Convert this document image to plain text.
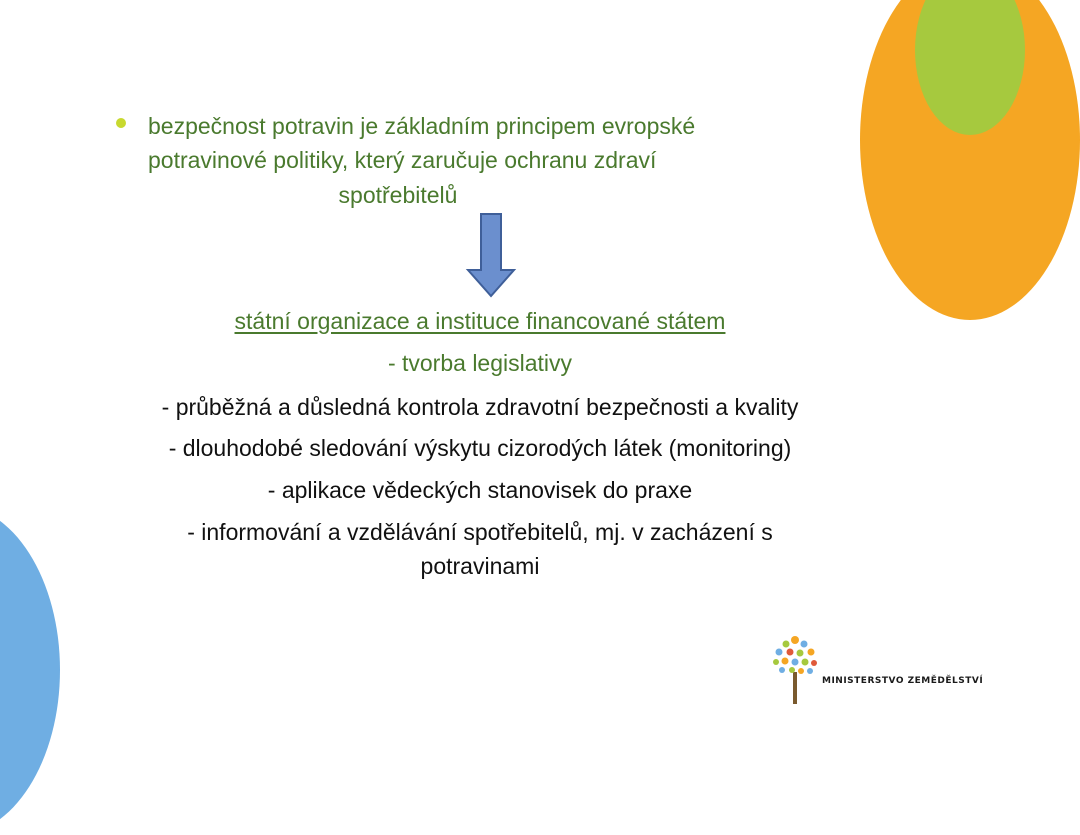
bezpečnost potravin je základním principem evropské

potravinové politiky, který zaručuje ochranu zdraví

spotřebitelů

státní organizace a instituce financované státem

- tvorba legislativy

- průběžná a důsledná kontrola zdravotní bezpečnosti a kvality

- dlouhodobé sledování výskytu cizorodých látek (monitoring)

- aplikace vědeckých stanovisek do praxe

- informování a vzdělávání spotřebitelů, mj. v zacházení s

potravinami

MINISTERSTVO ZEMĚDĚLSTVÍ
